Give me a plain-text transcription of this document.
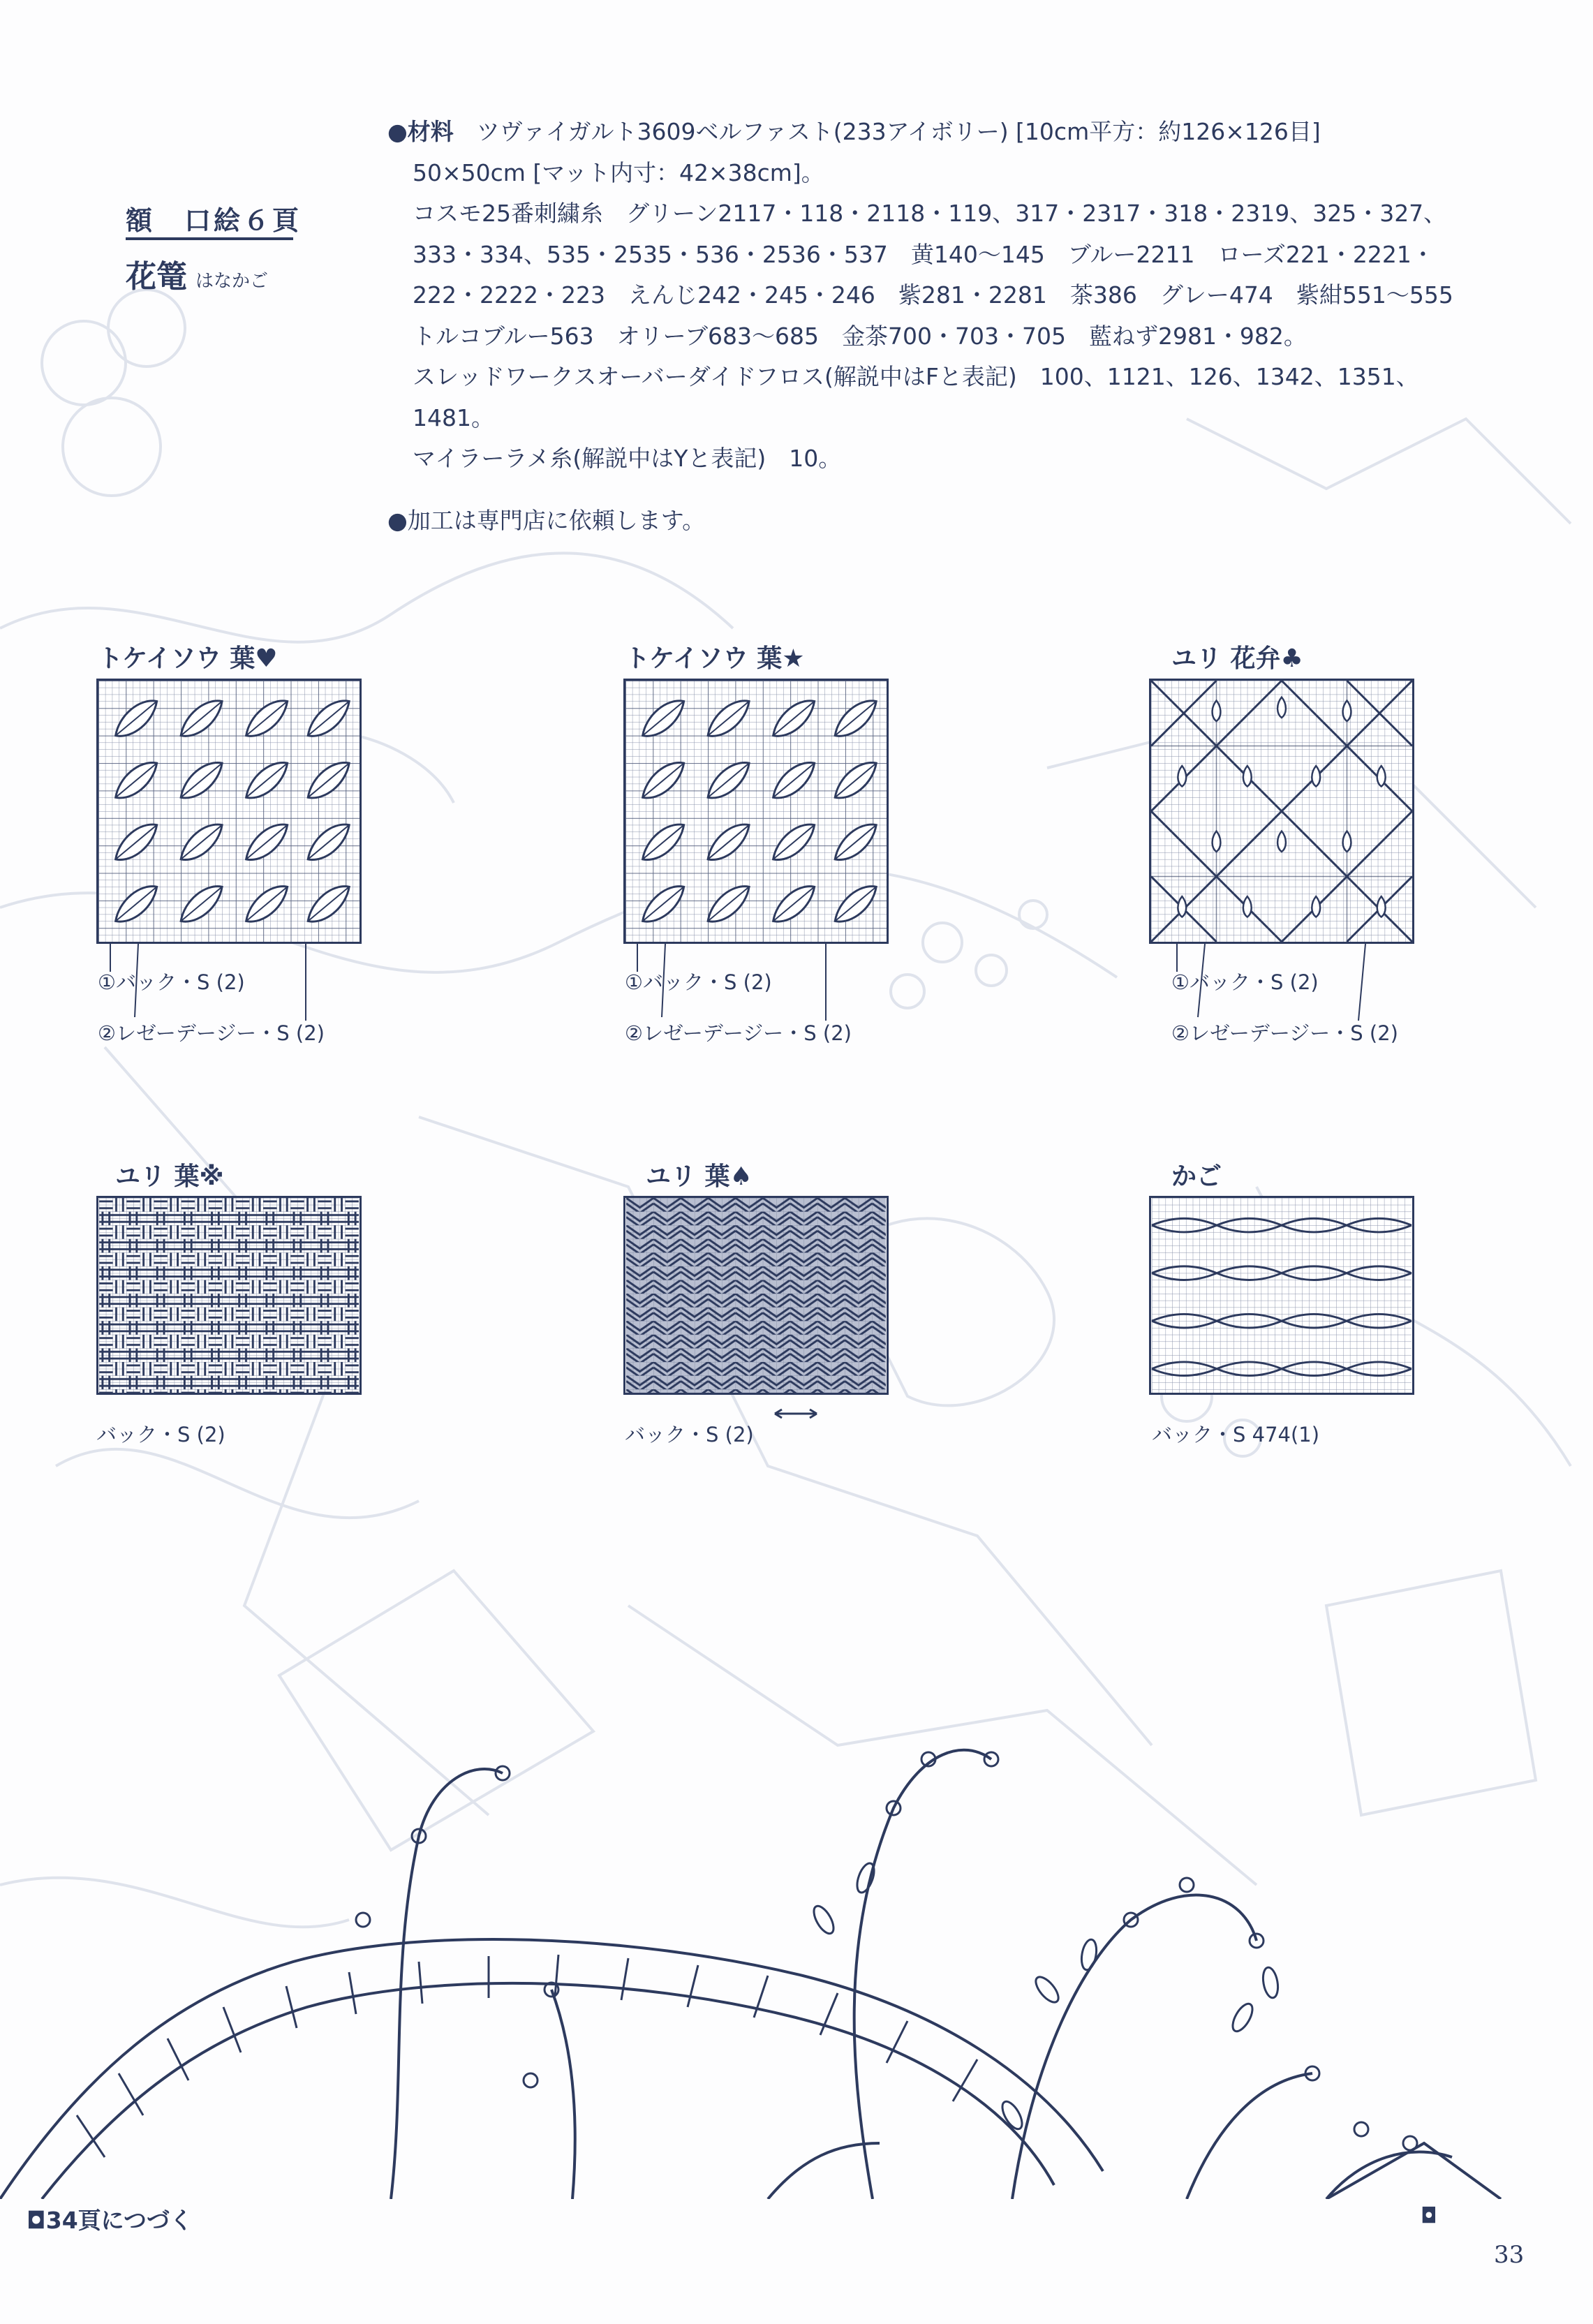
額　口絵６頁
花篭 はなかご
●材料　 ツヴァイガルト3609ベルファスト(233アイボリー) [10cm平方：約126×126目]
50×50cm [マット内寸：42×38cm]。
コスモ25番刺繍糸　グリーン2117・118・2118・119、317・2317・318・2319、325・327、
333・334、535・2535・536・2536・537　黄140〜145　ブルー2211　ローズ221・2221・
222・2222・223　えんじ242・245・246　紫281・2281　茶386　グレー474　紫紺551〜555
トルコブルー563　オリーブ683〜685　金茶700・703・705　藍ねず2981・982。
スレッドワークスオーバーダイドフロス(解説中はFと表記)　100、1121、126、1342、1351、
1481。
マイラーラメ糸(解説中はYと表記)　10。
●加工は専門店に依頼します。
トケイソウ 葉♥
①バック・S (2)
②レゼーデージー・S (2)
トケイソウ 葉★
①バック・S (2)
②レゼーデージー・S (2)
ユリ 花弁♣
①バック・S (2)
②レゼーデージー・S (2)
ユリ 葉※
バック・S (2)
ユリ 葉♠
バック・S (2)
かご
バック・S 474(1)
◘34頁につづく	◘
33
